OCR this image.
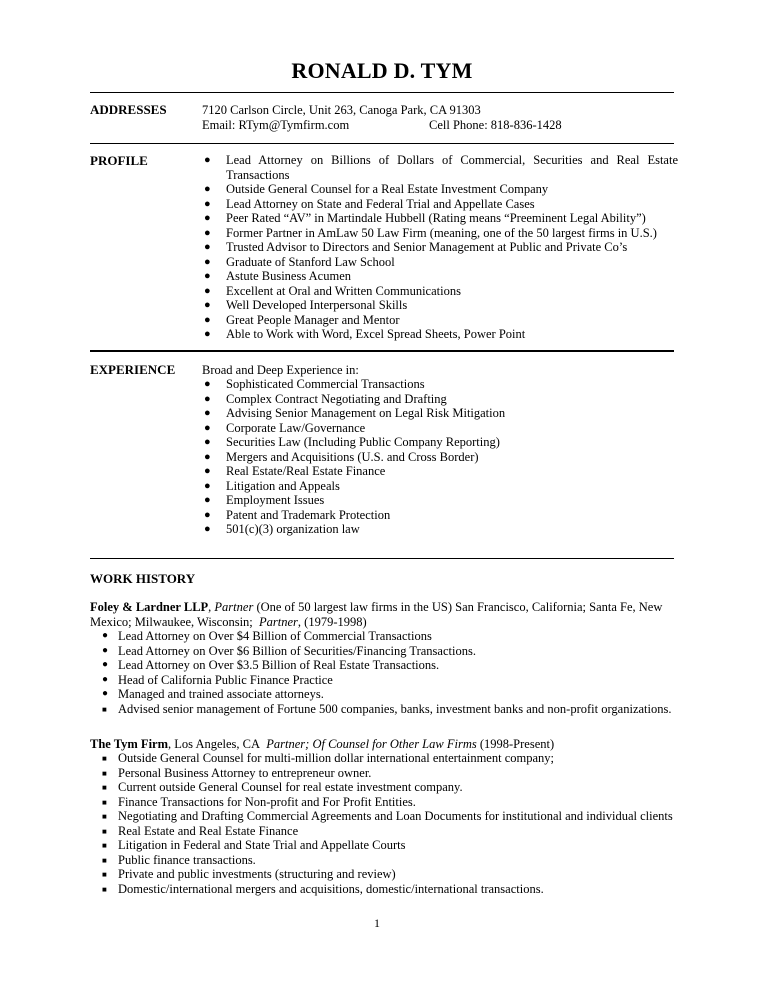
RONALD D. TYM
ADDRESSES	7120 Carlson Circle, Unit 263, Canoga Park, CA 91303
Email: RTym@Tymfirm.com	Cell Phone: 818-836-1428
PROFILE	● Lead Attorney on Billions of Dollars of Commercial, Securities and Real Estate Transactions
● Outside General Counsel for a Real Estate Investment Company
● Lead Attorney on State and Federal Trial and Appellate Cases
● Peer Rated “AV” in Martindale Hubbell (Rating means “Preeminent Legal Ability”)
● Former Partner in AmLaw 50 Law Firm (meaning, one of the 50 largest firms in U.S.)
● Trusted Advisor to Directors and Senior Management at Public and Private Co’s
● Graduate of Stanford Law School
● Astute Business Acumen
● Excellent at Oral and Written Communications
● Well Developed Interpersonal Skills
● Great People Manager and Mentor
● Able to Work with Word, Excel Spread Sheets, Power Point
EXPERIENCE Broad and Deep Experience in:
● Sophisticated Commercial Transactions
● Complex Contract Negotiating and Drafting
● Advising Senior Management on Legal Risk Mitigation
● Corporate Law/Governance
● Securities Law (Including Public Company Reporting)
● Mergers and Acquisitions (U.S. and Cross Border)
● Real Estate/Real Estate Finance
● Litigation and Appeals
● Employment Issues
● Patent and Trademark Protection
● 501(c)(3) organization law
WORK HISTORY
Foley & Lardner LLP, Partner (One of 50 largest law firms in the US) San Francisco, California; Santa Fe, New
Mexico; Milwaukee, Wisconsin; Partner, (1979-1998)
● Lead Attorney on Over $4 Billion of Commercial Transactions
● Lead Attorney on Over $6 Billion of Securities/Financing Transactions.
● Lead Attorney on Over $3.5 Billion of Real Estate Transactions.
● Head of California Public Finance Practice
● Managed and trained associate attorneys.
■ Advised senior management of Fortune 500 companies, banks, investment banks and non-profit organizations.
The Tym Firm, Los Angeles, CA Partner; Of Counsel for Other Law Firms (1998-Present)
■ Outside General Counsel for multi-million dollar international entertainment company;
■ Personal Business Attorney to entrepreneur owner.
■ Current outside General Counsel for real estate investment company.
■ Finance Transactions for Non-profit and For Profit Entities.
■ Negotiating and Drafting Commercial Agreements and Loan Documents for institutional and individual clients
■ Real Estate and Real Estate Finance
■ Litigation in Federal and State Trial and Appellate Courts
■ Public finance transactions.
■ Private and public investments (structuring and review)
■ Domestic/international mergers and acquisitions, domestic/international transactions.
1
